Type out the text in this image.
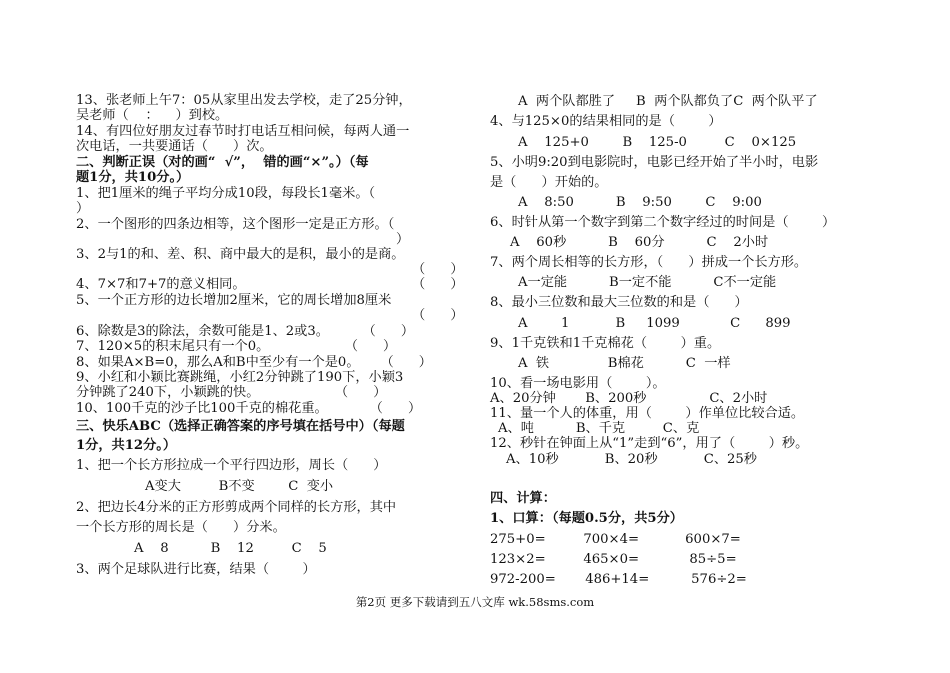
13、张老师上午7：05从家里出发去学校，走了25分钟，
吴老师（    ：    ）到校。
14、有四位好朋友过春节时打电话互相问候，每两人通一
次电话，一共要通话（      ）次。
二、判断正误（对的画“  √”，  错的画“×”。）（每
题1分，共10分。）
1、把1厘米的绳子平均分成10段，每段长1毫米。（
）
2、一个图形的四条边相等，这个图形一定是正方形。（
）
3、2与1的和、差、积、商中最大的是积，最小的是商。
（      ）
4、7×7和7+7的意义相同。	（      ）
5、一个正方形的边长增加2厘米，它的周长增加8厘米
（      ）
6、除数是3的除法，余数可能是1、2或3。        （      ）
7、120×5的积末尾只有一个0。                  （      ）
8、如果A×B=0，那么A和B中至少有一个是0。     （      ）
9、小红和小颖比赛跳绳，小红2分钟跳了190下，小颖3
分钟跳了240下，小颖跳的快。                  （      ）
10、100千克的沙子比100千克的棉花重。          （      ）
三、快乐ABC（选择正确答案的序号填在括号中）（每题
1分，共12分。）
1、把一个长方形拉成一个平行四边形，周长（      ）
A变大         B不变        C  变小
2、把边长4分米的正方形剪成两个同样的长方形，其中
一个长方形的周长是（      ）分米。
A    8          B    12         C    5
3、两个足球队进行比赛，结果（        ）
A  两个队都胜了     B  两个队都负了C  两个队平了
4、与125×0的结果相同的是（        ）
A    125+0        B    125-0         C    0×125
5、小明9:20到电影院时，电影已经开始了半小时，电影
是（      ）开始的。
A    8:50          B    9:50        C    9:00
6、时针从第一个数字到第二个数字经过的时间是（        ）
A    60秒          B    60分          C    2小时
7、两个周长相等的长方形，（      ）拼成一个长方形。
A一定能          B一定不能          C不一定能
8、最小三位数和最大三位数的和是（      ）
A        1           B     1099            C      899
9、1千克铁和1千克棉花（        ）重。
A  铁              B棉花          C  一样
10、看一场电影用（        ）。
A、20分钟       B、200秒               C、2小时
11、量一个人的体重，用（        ）作单位比较合适。
A、吨          B、千克         C、克
12、秒针在钟面上从“1”走到“6”，用了（        ）秒。
A、10秒           B、20秒           C、25秒
四、计算：
1、口算：（每题0.5分，共5分）
275+0=         700×4=           600×7=
123×2=         465×0=            85÷5=
972-200=       486+14=          576÷2=
第2页 更多下载请到五八文库 wk.58sms.com
